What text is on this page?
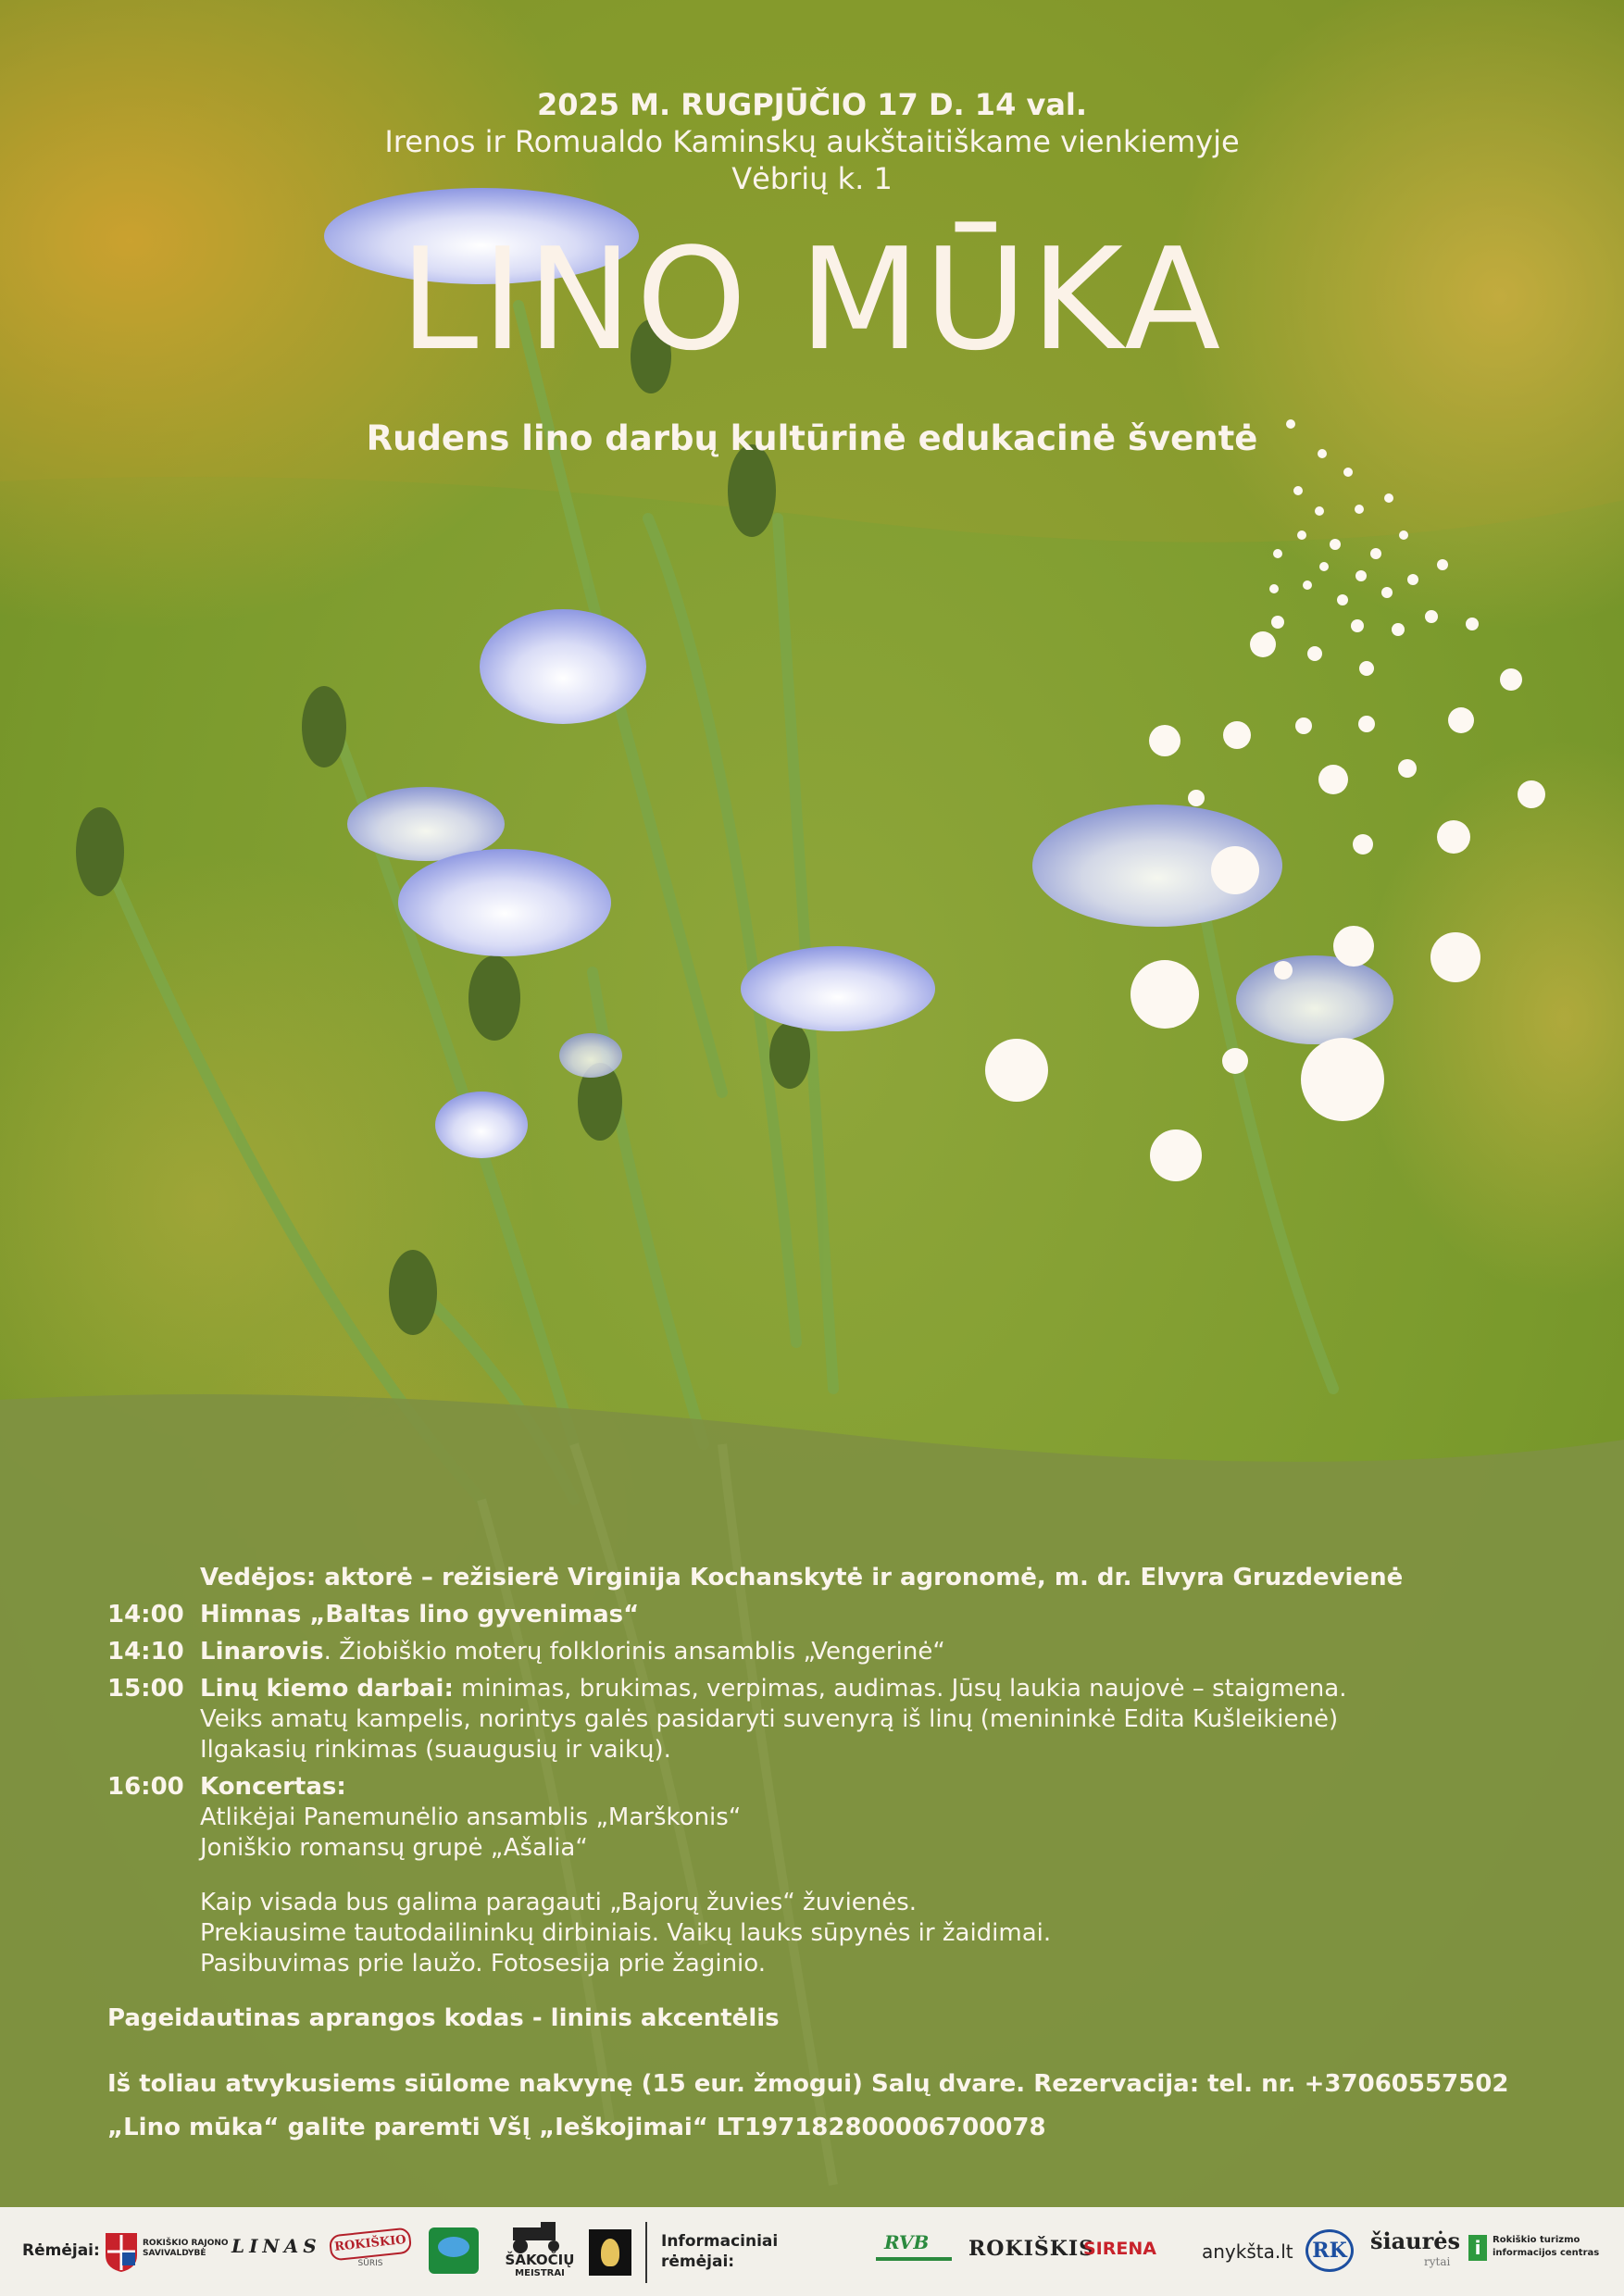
2025 M. RUGPJŪČIO 17 D. 14 val.
Irenos ir Romualdo Kaminskų aukštaitiškame vienkiemyje
Vėbrių k. 1
LINO MŪKA
Rudens lino darbų kultūrinė edukacinė šventė
Vedėjos: aktorė – režisierė Virginija Kochanskytė ir agronomė, m. dr. Elvyra Gruzdevienė
14:00 Himnas „Baltas lino gyvenimas“
14:10 Linarovis. Žiobiškio moterų folklorinis ansamblis „Vengerinė“
15:00 Linų kiemo darbai: minimas, brukimas, verpimas, audimas. Jūsų laukia naujovė – staigmena.
Veiks amatų kampelis, norintys galės pasidaryti suvenyrą iš linų (menininkė Edita Kušleikienė)
Ilgakasių rinkimas (suaugusių ir vaikų).
16:00 Koncertas:
Atlikėjai Panemunėlio ansamblis „Marškonis“
Joniškio romansų grupė „Ašalia“
Kaip visada bus galima paragauti „Bajorų žuvies“ žuvienės.
Prekiausime tautodailininkų dirbiniais. Vaikų lauks sūpynės ir žaidimai.
Pasibuvimas prie laužo. Fotosesija prie žaginio.
Pageidautinas aprangos kodas - lininis akcentėlis
Iš toliau atvykusiems siūlome nakvynę (15 eur. žmogui) Salų dvare. Rezervacija: tel. nr. +37060557502
„Lino mūka“ galite paremti VšĮ „Ieškojimai“ LT197182800006700078
Rėmėjai:	ROKIŠKIO RAJONO SAVIVALDYBĖ	LINAS	ROKIŠKIO
SŪRIS	ŠAKOČIŲ
MEISTRAI
Informaciniai
rėmėjai:
RVB ROKIŠKIS
SIRENA anykšta.lt RK	šiaurės
rytai
i	Rokiškio turizmo
informacijos centras
